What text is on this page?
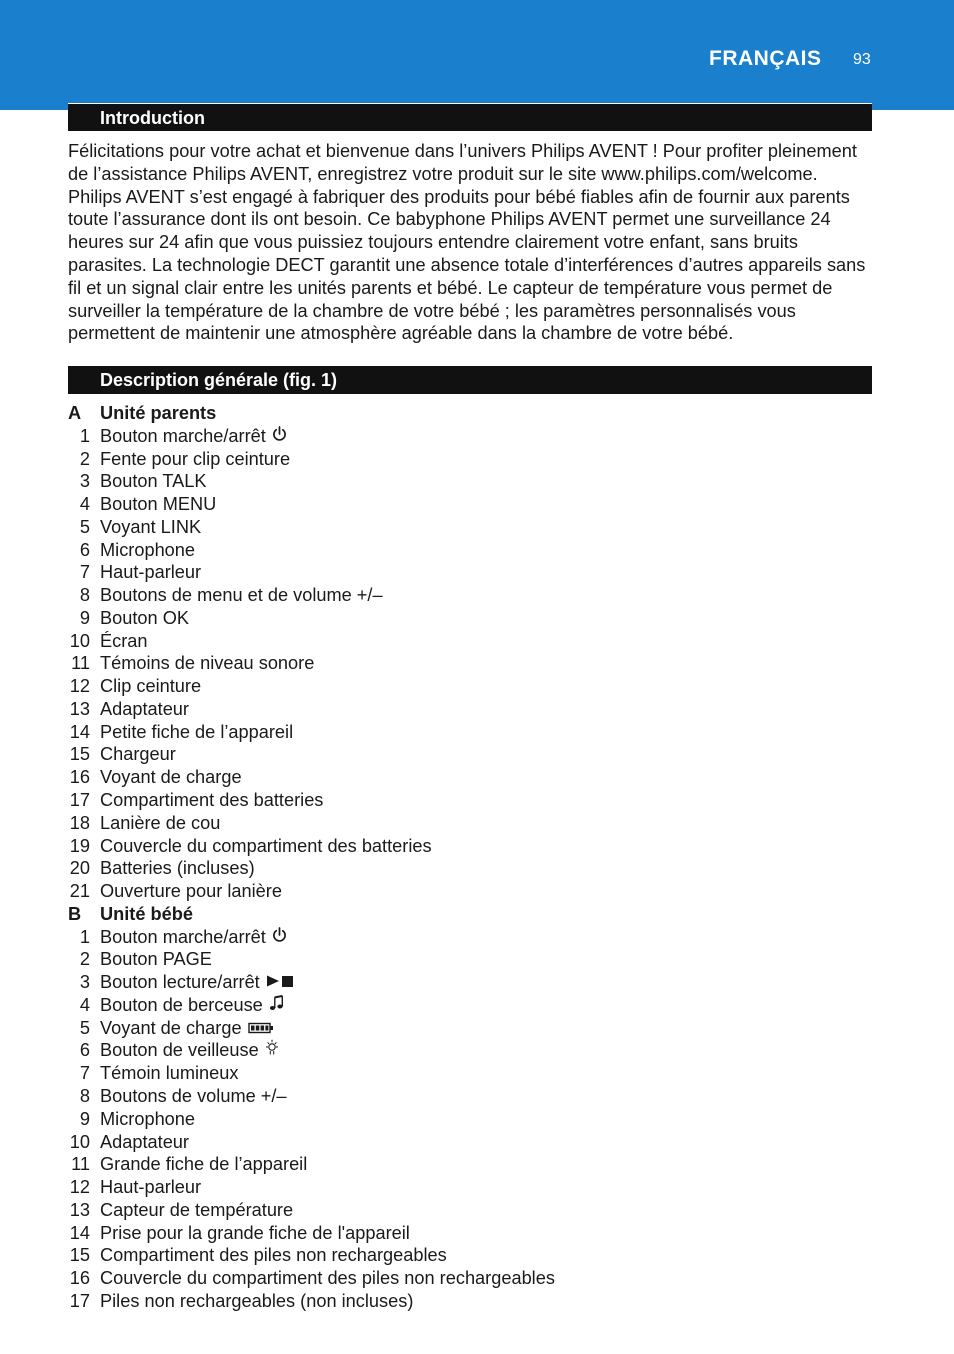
FRANÇAIS 93
Introduction

Félicitations pour votre achat et bienvenue dans l’univers Philips AVENT ! Pour profiter pleinement de l’assistance Philips AVENT, enregistrez votre produit sur le site www.philips.com/welcome. Philips AVENT s’est engagé à fabriquer des produits pour bébé fiables afin de fournir aux parents toute l’assurance dont ils ont besoin. Ce babyphone Philips AVENT permet une surveillance 24 heures sur 24 afin que vous puissiez toujours entendre clairement votre enfant, sans bruits parasites. La technologie DECT garantit une absence totale d’interférences d’autres appareils sans fil et un signal clair entre les unités parents et bébé. Le capteur de température vous permet de surveiller la température de la chambre de votre bébé ; les paramètres personnalisés vous permettent de maintenir une atmosphère agréable dans la chambre de votre bébé.

Description générale (fig. 1)
A	Unité parents
1 Bouton marche/arrêt
2 Fente pour clip ceinture
3 Bouton TALK
4 Bouton MENU
5 Voyant LINK
6 Microphone
7 Haut-parleur
8 Boutons de menu et de volume +/–
9 Bouton OK
10 Écran
11 Témoins de niveau sonore
12 Clip ceinture
13 Adaptateur
14 Petite fiche de l’appareil
15 Chargeur
16 Voyant de charge
17 Compartiment des batteries
18 Lanière de cou
19 Couvercle du compartiment des batteries
20 Batteries (incluses)
21 Ouverture pour lanière
B	Unité bébé
1 Bouton marche/arrêt
2 Bouton PAGE
3 Bouton lecture/arrêt
4 Bouton de berceuse
5 Voyant de charge
6 Bouton de veilleuse
7 Témoin lumineux
8 Boutons de volume +/–
9 Microphone
10 Adaptateur
11 Grande fiche de l’appareil
12 Haut-parleur
13 Capteur de température
14 Prise pour la grande fiche de l'appareil
15 Compartiment des piles non rechargeables
16 Couvercle du compartiment des piles non rechargeables
17 Piles non rechargeables (non incluses)
